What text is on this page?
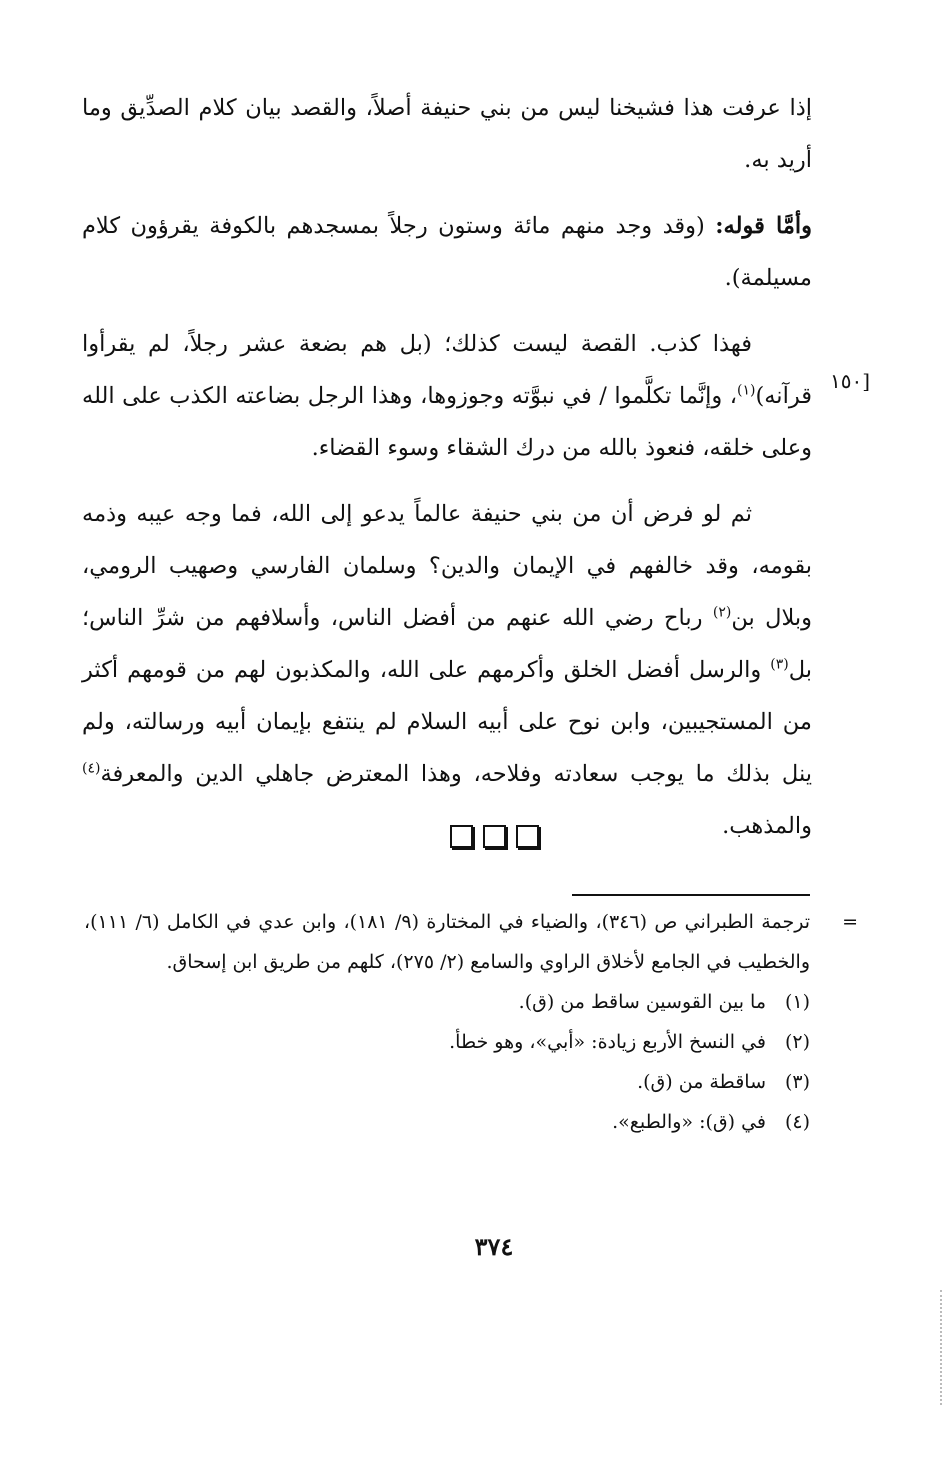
إذا عرفت هذا فشيخنا ليس من بني حنيفة أصلاً، والقصد بيان كلام الصدِّيق وما أريد به.

وأمَّا قوله: (وقد وجد منهم مائة وستون رجلاً بمسجدهم بالكوفة يقرؤون كلام مسيلمة).

فهذا كذب. القصة ليست كذلك؛ (بل هم بضعة عشر رجلاً، لم يقرأوا قرآنه)$^{(١)}$، وإنَّما تكلَّموا / في نبوَّته وجوزوها، وهذا الرجل بضاعته الكذب على الله وعلى خلقه، فنعوذ بالله من درك الشقاء وسوء القضاء.

ثم لو فرض أن من بني حنيفة عالماً يدعو إلى الله، فما وجه عيبه وذمه بقومه، وقد خالفهم في الإيمان والدين؟ وسلمان الفارسي وصهيب الرومي، وبلال بن$^{(٢)}$ رباح رضي الله عنهم من أفضل الناس، وأسلافهم من شرِّ الناس؛ بل$^{(٣)}$ والرسل أفضل الخلق وأكرمهم على الله، والمكذبون لهم من قومهم أكثر من المستجيبين، وابن نوح على أبيه السلام لم ينتفع بإيمان أبيه ورسالته، ولم ينل بذلك ما يوجب سعادته وفلاحه، وهذا المعترض جاهلي الدين والمعرفة$^{(٤)}$ والمذهب.

[١٥٠
=
ترجمة الطبراني ص (٣٤٦)، والضياء في المختارة (٩/ ١٨١)، وابن عدي في الكامل (٦/ ١١١)، والخطيب في الجامع لأخلاق الراوي والسامع (٢/ ٢٧٥)، كلهم من طريق ابن إسحاق.
(١)
ما بين القوسين ساقط من (ق).
(٢)
في النسخ الأربع زيادة: «أبي»، وهو خطأ.
(٣)
ساقطة من (ق).
(٤)
في (ق): «والطبع».
٣٧٤
